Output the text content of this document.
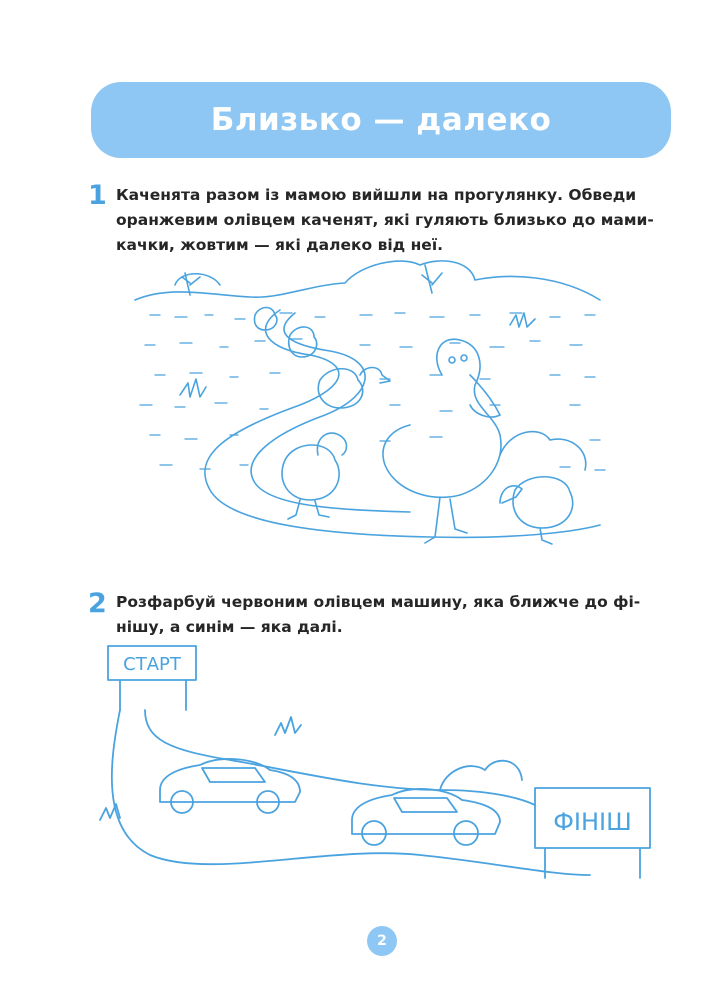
Близько — далеко
1 Каченята разом із мамою вийшли на прогулянку. Обведи
оранжевим олівцем каченят, які гуляють близько до мами-
качки, жовтим — які далеко від неї.
2 Розфарбуй червоним олівцем машину, яка ближче до фі-
нішу, а синім — яка далі.
СТАРТ
ФІНІШ
2
